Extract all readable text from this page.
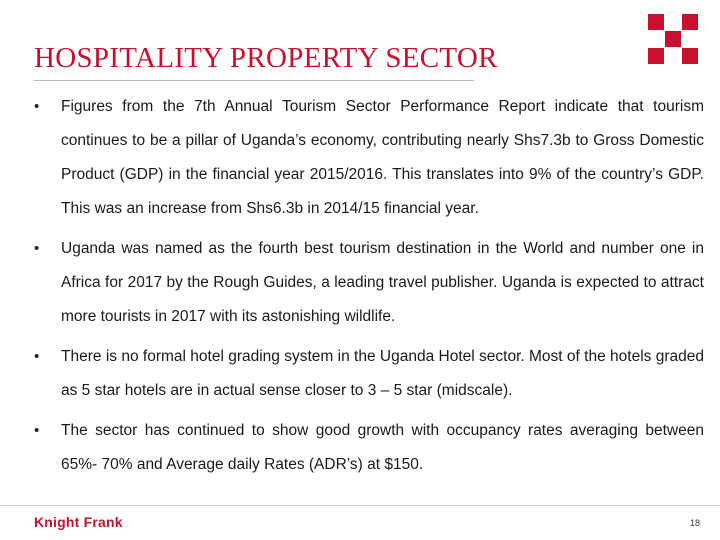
HOSPITALITY PROPERTY SECTOR
• Figures from the 7th Annual Tourism Sector Performance Report indicate that tourism continues to be a pillar of Uganda’s economy, contributing nearly Shs7.3b to Gross Domestic Product (GDP) in the financial year 2015/2016. This translates into 9% of the country’s GDP. This was an increase from Shs6.3b in 2014/15 financial year.
• Uganda was named as the fourth best tourism destination in the World and number one in Africa for 2017 by the Rough Guides, a leading travel publisher. Uganda is expected to attract more tourists in 2017 with its astonishing wildlife.
• There is no formal hotel grading system in the Uganda Hotel sector. Most of the hotels graded as 5 star hotels are in actual sense closer to 3 – 5 star (midscale).
• The sector has continued to show good growth with occupancy rates averaging between 65%- 70% and Average daily Rates (ADR’s) at $150.
Knight Frank	18
